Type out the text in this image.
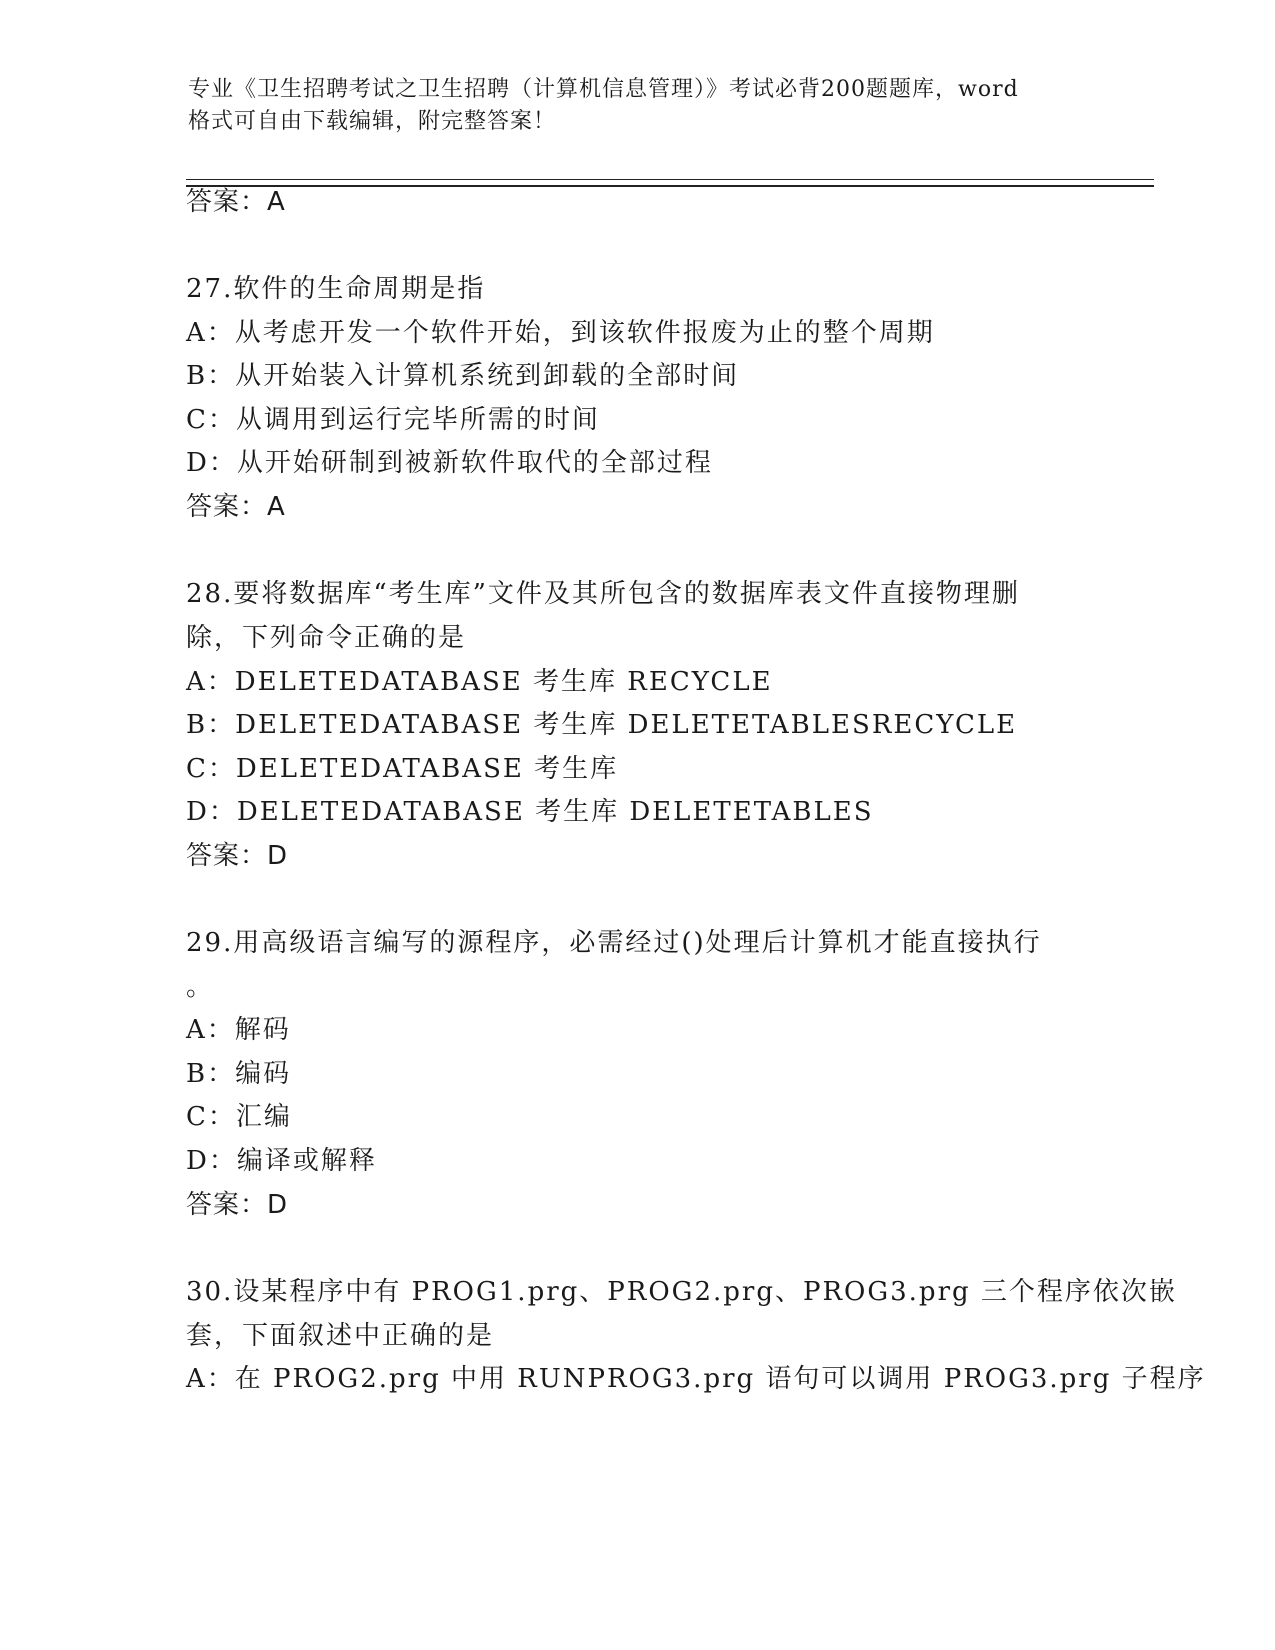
专业《卫生招聘考试之卫生招聘（计算机信息管理）》考试必背200题题库，word
格式可自由下载编辑，附完整答案！
答案：A
27.软件的生命周期是指
A：从考虑开发一个软件开始，到该软件报废为止的整个周期
B：从开始装入计算机系统到卸载的全部时间
C：从调用到运行完毕所需的时间
D：从开始研制到被新软件取代的全部过程
答案：A
28.要将数据库“考生库”文件及其所包含的数据库表文件直接物理删
除，下列命令正确的是
A：DELETEDATABASE 考生库 RECYCLE
B：DELETEDATABASE 考生库 DELETETABLESRECYCLE
C：DELETEDATABASE 考生库
D：DELETEDATABASE 考生库 DELETETABLES
答案：D
29.用高级语言编写的源程序，必需经过()处理后计算机才能直接执行
。
A：解码
B：编码
C：汇编
D：编译或解释
答案：D
30.设某程序中有 PROG1.prg、PROG2.prg、PROG3.prg 三个程序依次嵌
套，下面叙述中正确的是
A：在 PROG2.prg 中用 RUNPROG3.prg 语句可以调用 PROG3.prg 子程序
